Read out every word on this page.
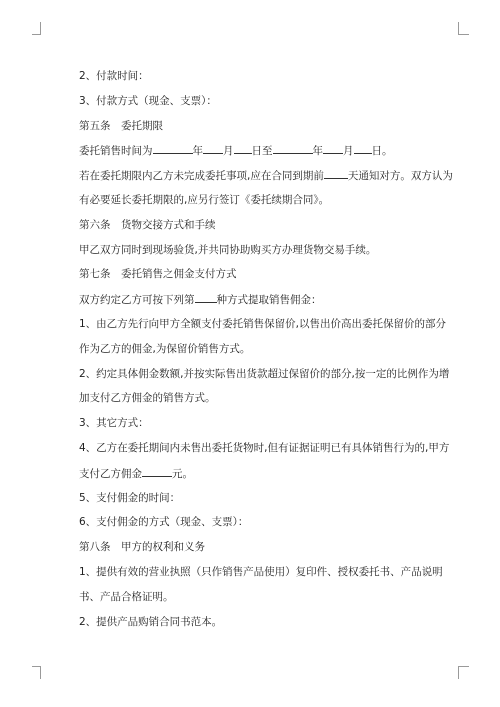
2、付款时间：
3、付款方式（现金、支票）：
第五条　委托期限
委托销售时间为	年 月 日至	年 月 日。
若在委托期限内乙方未完成委托事项,应在合同到期前 天通知对方。双方认为
有必要延长委托期限的,应另行签订《委托续期合同》。
第六条　货物交接方式和手续
甲乙双方同时到现场验货,并共同协助购买方办理货物交易手续。
第七条　委托销售之佣金支付方式
双方约定乙方可按下列第 种方式提取销售佣金：
1、由乙方先行向甲方全额支付委托销售保留价,以售出价高出委托保留价的部分
作为乙方的佣金,为保留价销售方式。
2、约定具体佣金数额,并按实际售出货款超过保留价的部分,按一定的比例作为增
加支付乙方佣金的销售方式。
3、其它方式：
4、乙方在委托期间内未售出委托货物时,但有证据证明已有具体销售行为的,甲方
支付乙方佣金	元。
5、支付佣金的时间：
6、支付佣金的方式（现金、支票）：
第八条　甲方的权利和义务
1、提供有效的营业执照（只作销售产品使用）复印件、授权委托书、产品说明
书、产品合格证明。
2、提供产品购销合同书范本。
